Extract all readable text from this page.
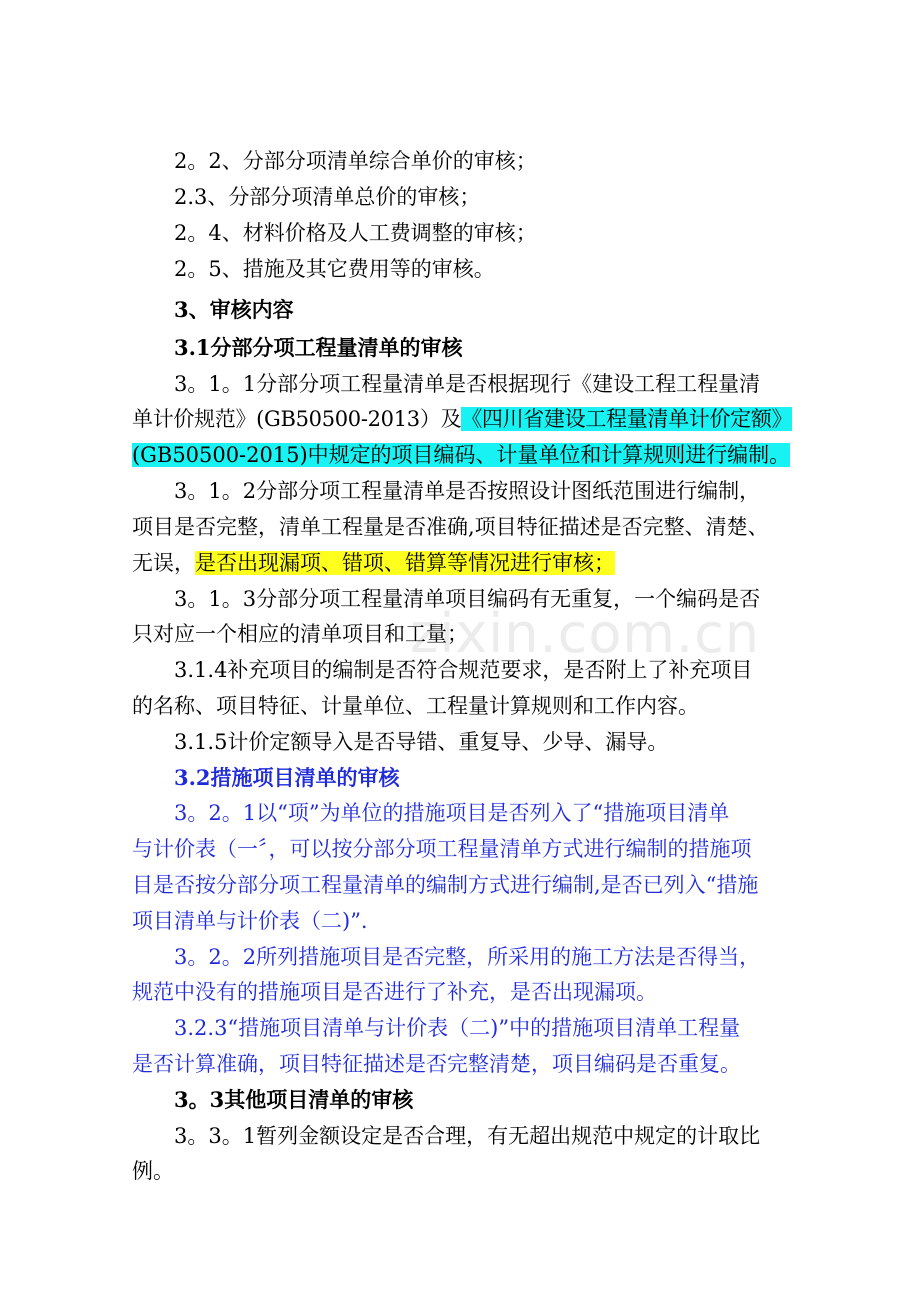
zixin.com.cn
2。2、分部分项清单综合单价的审核；
2.3、分部分项清单总价的审核；
2。4、材料价格及人工费调整的审核；
2。5、措施及其它费用等的审核。
3、审核内容
3.1分部分项工程量清单的审核
3。1。1分部分项工程量清单是否根据现行《建设工程工程量清
单计价规范》(GB50500-2013）及《四川省建设工程量清单计价定额》
(GB50500-2015)中规定的项目编码、计量单位和计算规则进行编制。
3。1。2分部分项工程量清单是否按照设计图纸范围进行编制，
项目是否完整，清单工程量是否准确,项目特征描述是否完整、清楚、
无误，是否出现漏项、错项、错算等情况进行审核；
3。1。3分部分项工程量清单项目编码有无重复，一个编码是否
只对应一个相应的清单项目和工量；
3.1.4补充项目的编制是否符合规范要求，是否附上了补充项目
的名称、项目特征、计量单位、工程量计算规则和工作内容。
3.1.5计价定额导入是否导错、重复导、少导、漏导。
3.2措施项目清单的审核
3。2。1以“项”为单位的措施项目是否列入了“措施项目清单
与计价表（一〞，可以按分部分项工程量清单方式进行编制的措施项
目是否按分部分项工程量清单的编制方式进行编制,是否已列入“措施
项目清单与计价表（二)”.
3。2。2所列措施项目是否完整，所采用的施工方法是否得当，
规范中没有的措施项目是否进行了补充，是否出现漏项。
3.2.3“措施项目清单与计价表（二)”中的措施项目清单工程量
是否计算准确，项目特征描述是否完整清楚，项目编码是否重复。
3。3其他项目清单的审核
3。3。1暂列金额设定是否合理，有无超出规范中规定的计取比
例。
